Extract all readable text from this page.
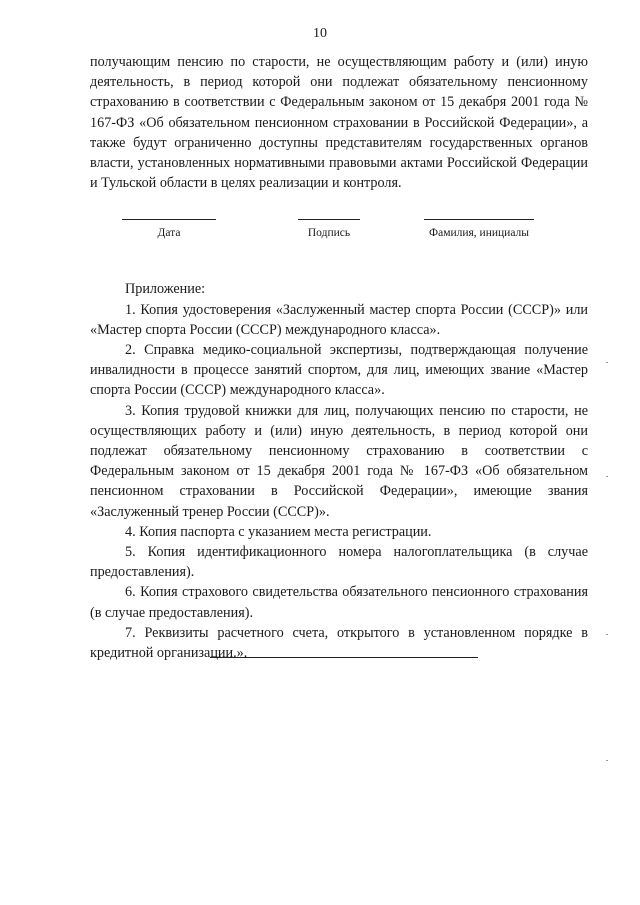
10

получающим пенсию по старости, не осуществляющим работу и (или) иную деятельность, в период которой они подлежат обязательному пенсионному страхованию в соответствии с Федеральным законом от 15 декабря 2001 года № 167-ФЗ «Об обязательном пенсионном страховании в Российской Федерации», а также будут ограниченно доступны представителям государственных органов власти, установленных нормативными правовыми актами Российской Федерации и Тульской области в целях реализации и контроля.

Дата	Подпись	Фамилия, инициалы

Приложение:

1. Копия удостоверения «Заслуженный мастер спорта России (СССР)» или «Мастер спорта России (СССР) международного класса».

2. Справка медико-социальной экспертизы, подтверждающая получение инвалидности в процессе занятий спортом, для лиц, имеющих звание «Мастер спорта России (СССР) международного класса».

3. Копия трудовой книжки для лиц, получающих пенсию по старости, не осуществляющих работу и (или) иную деятельность, в период которой они подлежат обязательному пенсионному страхованию в соответствии с Федеральным законом от 15 декабря 2001 года № 167-ФЗ «Об обязательном пенсионном страховании в Российской Федерации», имеющие звания «Заслуженный тренер России (СССР)».

4. Копия паспорта с указанием места регистрации.

5. Копия идентификационного номера налогоплательщика (в случае предоставления).

6. Копия страхового свидетельства обязательного пенсионного страхования (в случае предоставления).

7. Реквизиты расчетного счета, открытого в установленном порядке в кредитной организации.».
